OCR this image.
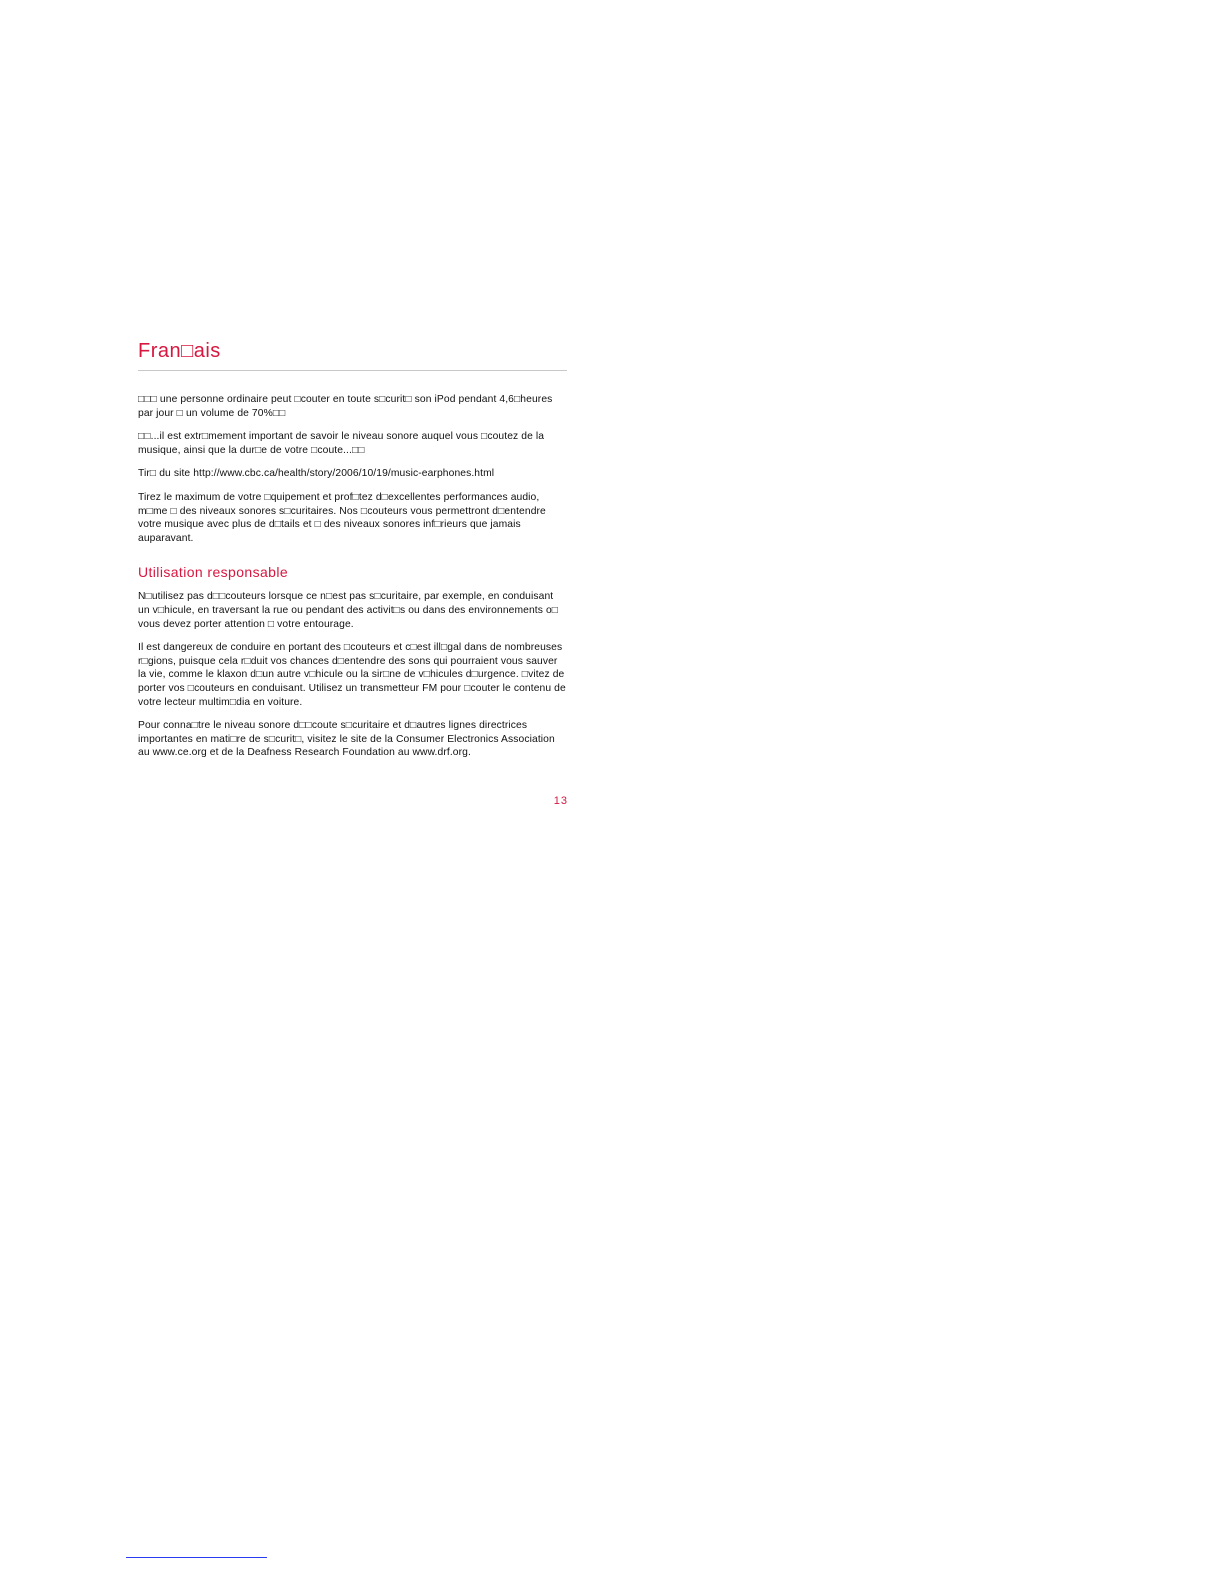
Fran□ais

□□□ une personne ordinaire peut □couter en toute s□curit□ son iPod pendant 4,6□heures par jour □ un volume de 70%□□

□□...il est extr□mement important de savoir le niveau sonore auquel vous □coutez de la musique, ainsi que la dur□e de votre □coute...□□

Tir□ du site http://www.cbc.ca/health/story/2006/10/19/music-earphones.html

Tirez le maximum de votre □quipement et prof□tez d□excellentes performances audio, m□me □ des niveaux sonores s□curitaires. Nos □couteurs vous permettront d□entendre votre musique avec plus de d□tails et □ des niveaux sonores inf□rieurs que jamais auparavant.

Utilisation responsable

N□utilisez pas d□□couteurs lorsque ce n□est pas s□curitaire, par exemple, en conduisant un v□hicule, en traversant la rue ou pendant des activit□s ou dans des environnements o□ vous devez porter attention □ votre entourage.

Il est dangereux de conduire en portant des □couteurs et c□est ill□gal dans de nombreuses r□gions, puisque cela r□duit vos chances d□entendre des sons qui pourraient vous sauver la vie, comme le klaxon d□un autre v□hicule ou la sir□ne de v□hicules d□urgence. □vitez de porter vos □couteurs en conduisant. Utilisez un transmetteur FM pour □couter le contenu de votre lecteur multim□dia en voiture.

Pour conna□tre le niveau sonore d□□coute s□curitaire et d□autres lignes directrices importantes en mati□re de s□curit□, visitez le site de la Consumer Electronics Association au www.ce.org et de la Deafness Research Foundation au www.drf.org.

13
